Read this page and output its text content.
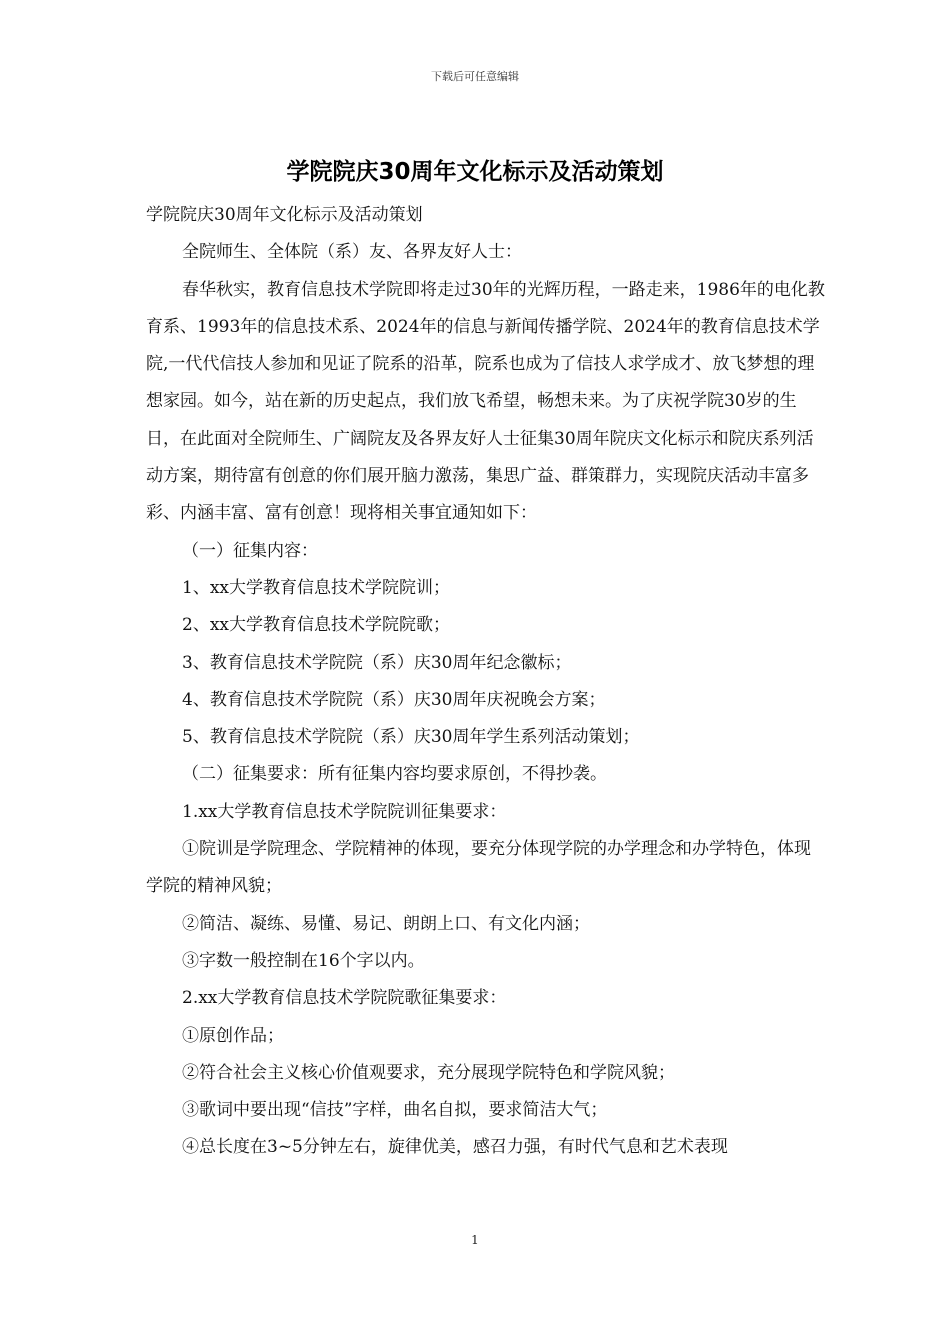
下载后可任意编辑
学院院庆30周年文化标示及活动策划

学院院庆30周年文化标示及活动策划

全院师生、全体院（系）友、各界友好人士：

春华秋实，教育信息技术学院即将走过30年的光辉历程，一路走来，1986年的电化教育系、1993年的信息技术系、2024年的信息与新闻传播学院、2024年的教育信息技术学院,一代代信技人参加和见证了院系的沿革，院系也成为了信技人求学成才、放飞梦想的理想家园。如今，站在新的历史起点，我们放飞希望，畅想未来。为了庆祝学院30岁的生日，在此面对全院师生、广阔院友及各界友好人士征集30周年院庆文化标示和院庆系列活动方案，期待富有创意的你们展开脑力激荡，集思广益、群策群力，实现院庆活动丰富多彩、内涵丰富、富有创意！现将相关事宜通知如下：

（一）征集内容：

1、xx大学教育信息技术学院院训；

2、xx大学教育信息技术学院院歌；

3、教育信息技术学院院（系）庆30周年纪念徽标；

4、教育信息技术学院院（系）庆30周年庆祝晚会方案；

5、教育信息技术学院院（系）庆30周年学生系列活动策划；

（二）征集要求：所有征集内容均要求原创，不得抄袭。

1.xx大学教育信息技术学院院训征集要求：

①院训是学院理念、学院精神的体现，要充分体现学院的办学理念和办学特色，体现学院的精神风貌；

②简洁、凝练、易懂、易记、朗朗上口、有文化内涵；

③字数一般控制在16个字以内。

2.xx大学教育信息技术学院院歌征集要求：

①原创作品；

②符合社会主义核心价值观要求，充分展现学院特色和学院风貌；

③歌词中要出现“信技”字样，曲名自拟，要求简洁大气；

④总长度在3~5分钟左右，旋律优美，感召力强，有时代气息和艺术表现

1
